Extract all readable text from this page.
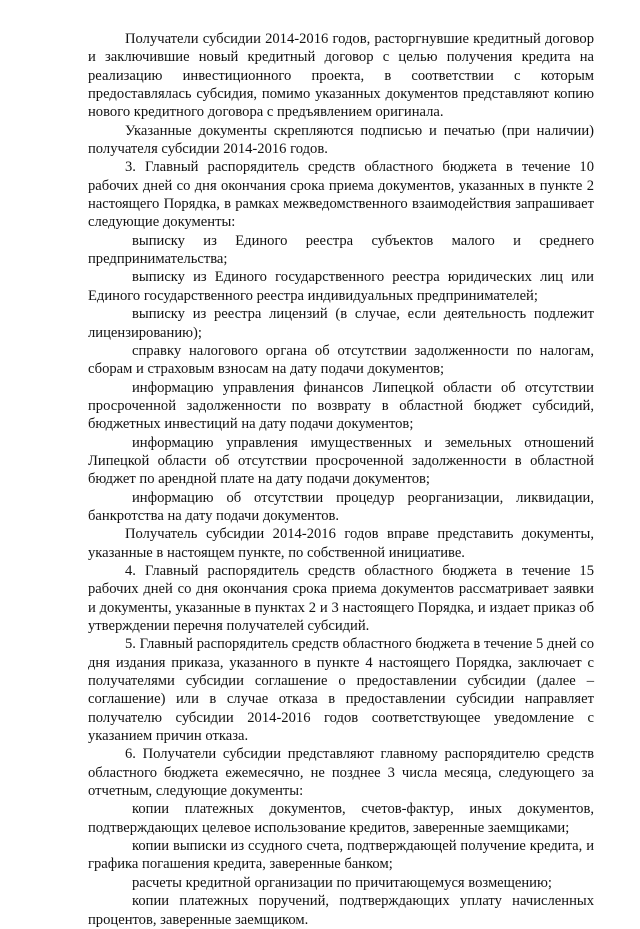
Получатели субсидии 2014-2016 годов, расторгнувшие кредитный договор и заключившие новый кредитный договор с целью получения кредита на реализацию инвестиционного проекта, в соответствии с которым предоставлялась субсидия, помимо указанных документов представляют копию нового кредитного договора с предъявлением оригинала.

Указанные документы скрепляются подписью и печатью (при наличии) получателя субсидии 2014-2016 годов.

3. Главный распорядитель средств областного бюджета в течение 10 рабочих дней со дня окончания срока приема документов, указанных в пункте 2 настоящего Порядка, в рамках межведомственного взаимодействия запрашивает следующие документы:

выписку из Единого реестра субъектов малого и среднего предпринимательства;

выписку из Единого государственного реестра юридических лиц или Единого государственного реестра индивидуальных предпринимателей;

выписку из реестра лицензий (в случае, если деятельность подлежит лицензированию);

справку налогового органа об отсутствии задолженности по налогам, сборам и страховым взносам на дату подачи документов;

информацию управления финансов Липецкой области об отсутствии просроченной задолженности по возврату в областной бюджет субсидий, бюджетных инвестиций на дату подачи документов;

информацию управления имущественных и земельных отношений Липецкой области об отсутствии просроченной задолженности в областной бюджет по арендной плате на дату подачи документов;

информацию об отсутствии процедур реорганизации, ликвидации, банкротства на дату подачи документов.

Получатель субсидии 2014-2016 годов вправе представить документы, указанные в настоящем пункте, по собственной инициативе.

4. Главный распорядитель средств областного бюджета в течение 15 рабочих дней со дня окончания срока приема документов рассматривает заявки и документы, указанные в пунктах 2 и 3 настоящего Порядка, и издает приказ об утверждении перечня получателей субсидий.

5. Главный распорядитель средств областного бюджета в течение 5 дней со дня издания приказа, указанного в пункте 4 настоящего Порядка, заключает с получателями субсидии соглашение о предоставлении субсидии (далее – соглашение) или в случае отказа в предоставлении субсидии направляет получателю субсидии 2014-2016 годов соответствующее уведомление с указанием причин отказа.

6. Получатели субсидии представляют главному распорядителю средств областного бюджета ежемесячно, не позднее 3 числа месяца, следующего за отчетным, следующие документы:

копии платежных документов, счетов-фактур, иных документов, подтверждающих целевое использование кредитов, заверенные заемщиками;

копии выписки из ссудного счета, подтверждающей получение кредита, и графика погашения кредита, заверенные банком;

расчеты кредитной организации по причитающемуся возмещению;

копии платежных поручений, подтверждающих уплату начисленных процентов, заверенные заемщиком.
